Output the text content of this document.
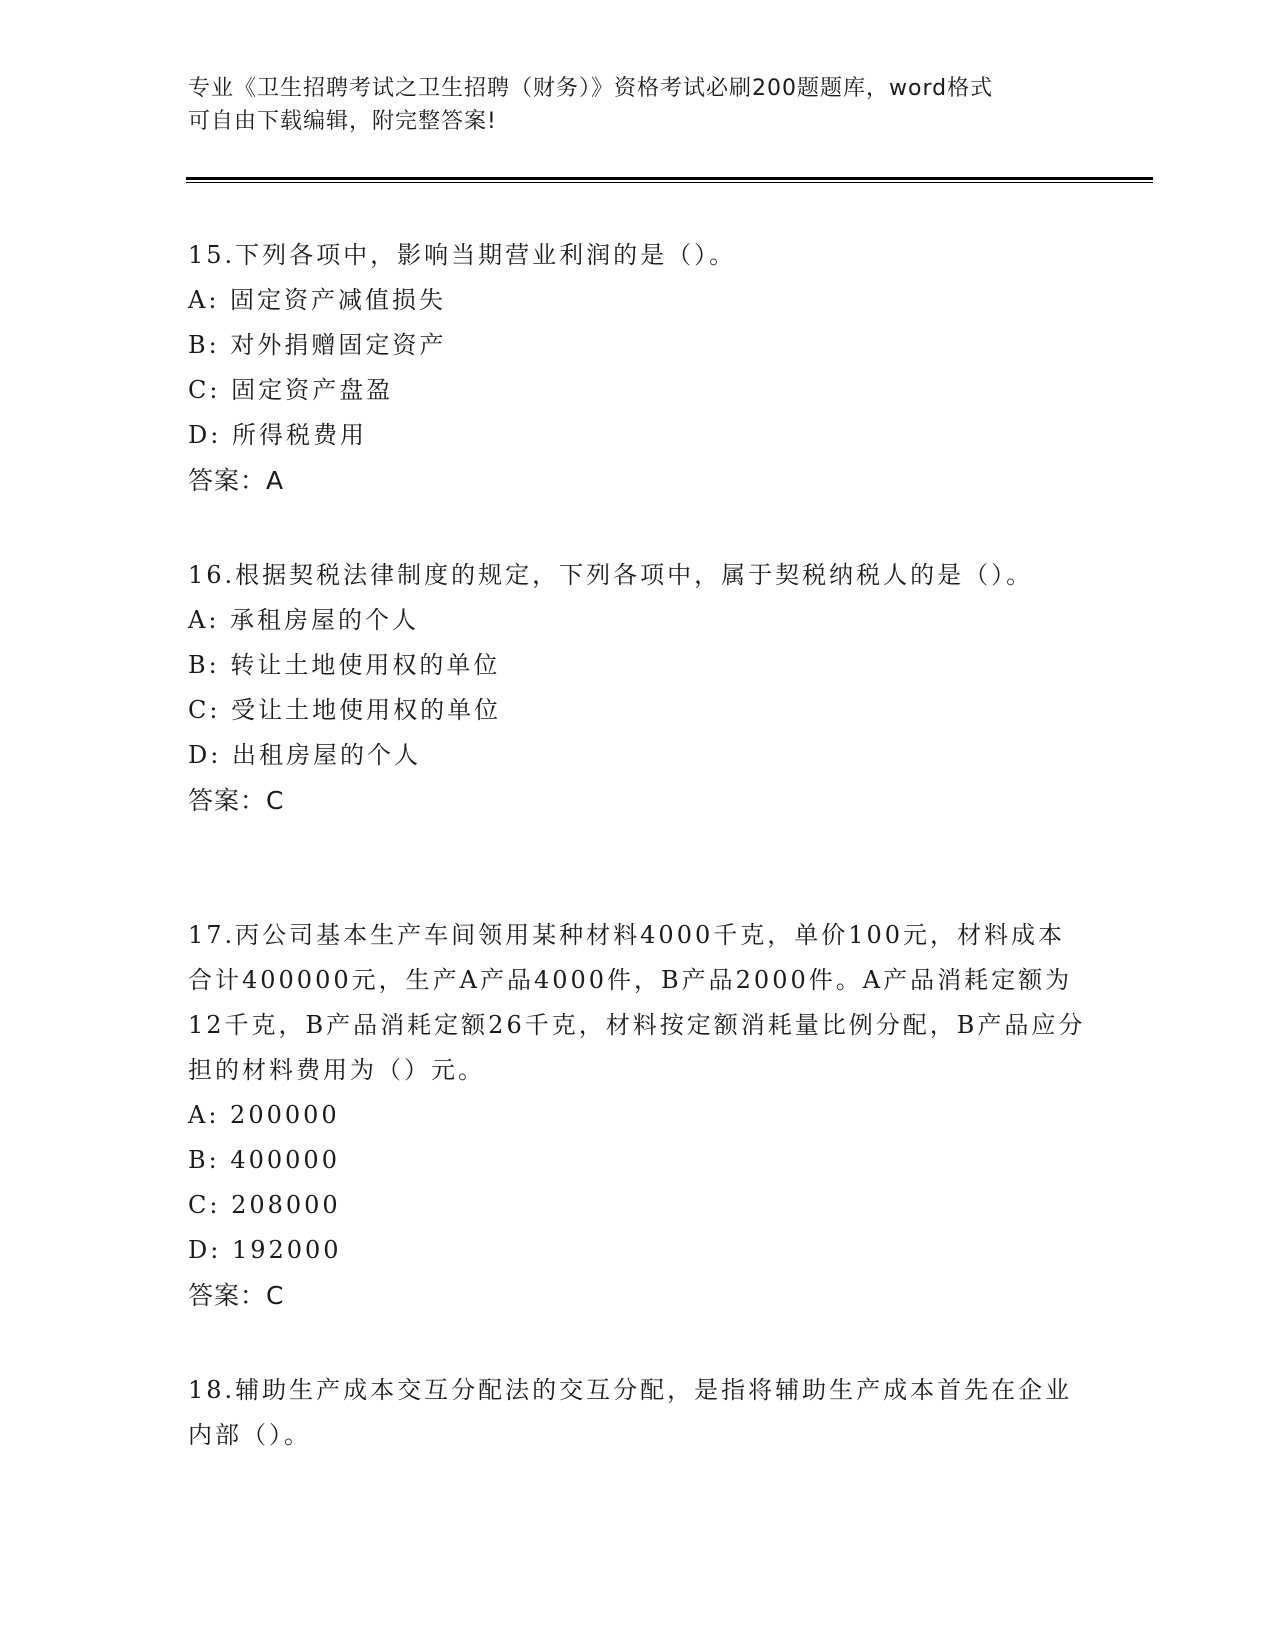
专业《卫生招聘考试之卫生招聘（财务）》资格考试必刷200题题库，word格式
可自由下载编辑，附完整答案!

15.下列各项中，影响当期营业利润的是（）。

A: 固定资产减值损失

B: 对外捐赠固定资产

C: 固定资产盘盈

D: 所得税费用

答案：A

16.根据契税法律制度的规定，下列各项中，属于契税纳税人的是（）。

A: 承租房屋的个人

B: 转让土地使用权的单位

C: 受让土地使用权的单位

D: 出租房屋的个人

答案：C

17.丙公司基本生产车间领用某种材料4000千克，单价100元，材料成本合计400000元，生产A产品4000件，B产品2000件。A产品消耗定额为12千克，B产品消耗定额26千克，材料按定额消耗量比例分配，B产品应分担的材料费用为（）元。

A: 200000

B: 400000

C: 208000

D: 192000

答案：C

18.辅助生产成本交互分配法的交互分配，是指将辅助生产成本首先在企业内部（）。
